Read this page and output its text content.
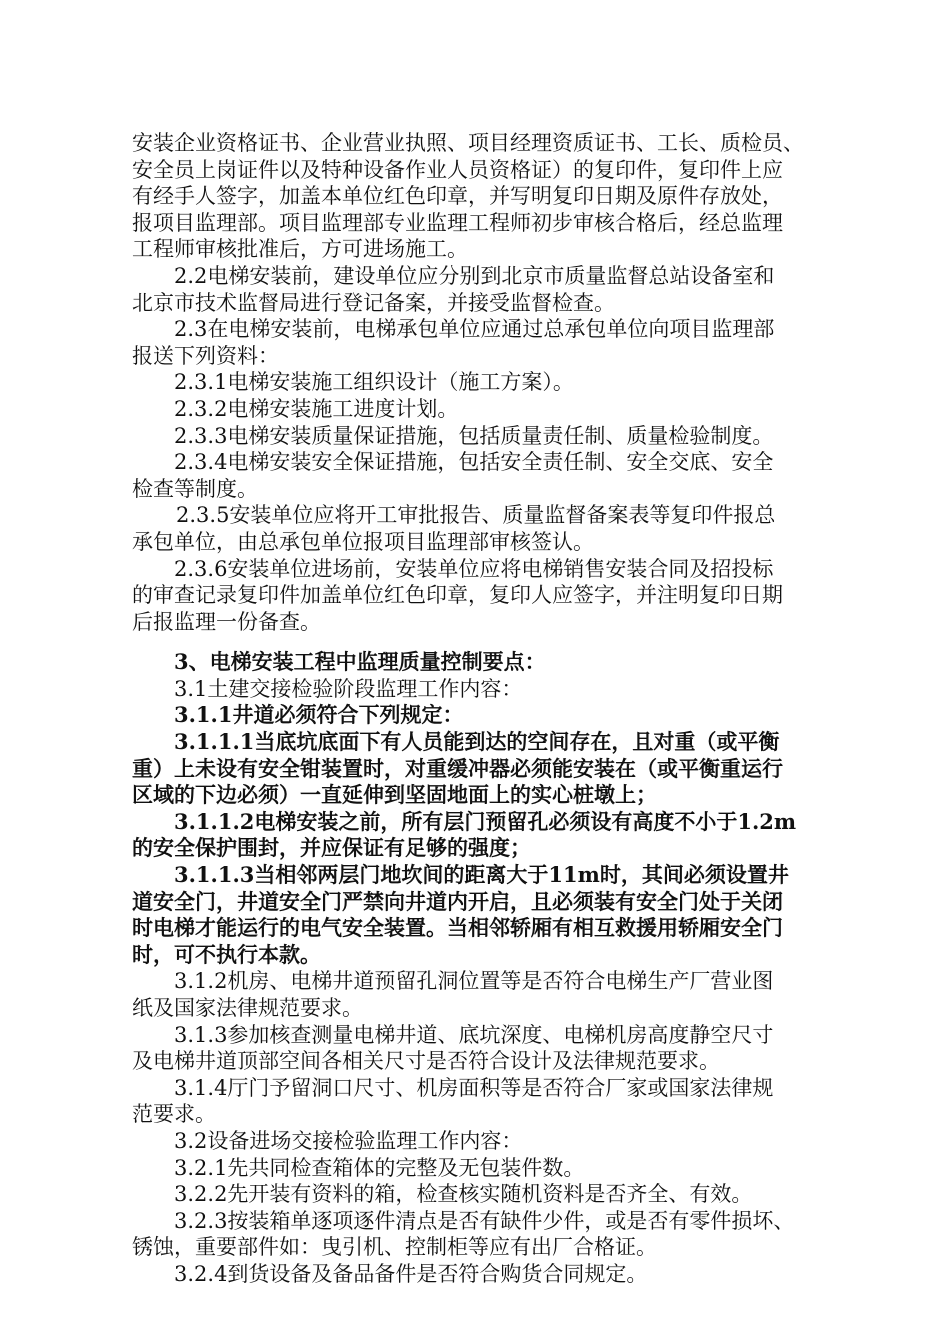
安装企业资格证书、企业营业执照、项目经理资质证书、工长、质检员、

安全员上岗证件以及特种设备作业人员资格证）的复印件，复印件上应

有经手人签字，加盖本单位红色印章，并写明复印日期及原件存放处，

报项目监理部。项目监理部专业监理工程师初步审核合格后，经总监理

工程师审核批准后，方可进场施工。

2.2电梯安装前，建设单位应分别到北京市质量监督总站设备室和

北京市技术监督局进行登记备案，并接受监督检查。

2.3在电梯安装前，电梯承包单位应通过总承包单位向项目监理部

报送下列资料：

2.3.1电梯安装施工组织设计（施工方案）。

2.3.2电梯安装施工进度计划。

2.3.3电梯安装质量保证措施，包括质量责任制、质量检验制度。

2.3.4电梯安装安全保证措施，包括安全责任制、安全交底、安全

检查等制度。

2.3.5安装单位应将开工审批报告、质量监督备案表等复印件报总

承包单位，由总承包单位报项目监理部审核签认。

2.3.6安装单位进场前，安装单位应将电梯销售安装合同及招投标

的审查记录复印件加盖单位红色印章，复印人应签字，并注明复印日期

后报监理一份备查。

3、电梯安装工程中监理质量控制要点：

3.1土建交接检验阶段监理工作内容：

3.1.1井道必须符合下列规定：

3.1.1.1当底坑底面下有人员能到达的空间存在，且对重（或平衡

重）上未设有安全钳装置时，对重缓冲器必须能安装在（或平衡重运行

区域的下边必须）一直延伸到坚固地面上的实心桩墩上；

3.1.1.2电梯安装之前，所有层门预留孔必须设有高度不小于1.2m

的安全保护围封，并应保证有足够的强度；

3.1.1.3当相邻两层门地坎间的距离大于11m时，其间必须设置井

道安全门，井道安全门严禁向井道内开启，且必须装有安全门处于关闭

时电梯才能运行的电气安全装置。当相邻轿厢有相互救援用轿厢安全门

时，可不执行本款。

3.1.2机房、电梯井道预留孔洞位置等是否符合电梯生产厂营业图

纸及国家法律规范要求。

3.1.3参加核查测量电梯井道、底坑深度、电梯机房高度静空尺寸

及电梯井道顶部空间各相关尺寸是否符合设计及法律规范要求。

3.1.4厅门予留洞口尺寸、机房面积等是否符合厂家或国家法律规

范要求。

3.2设备进场交接检验监理工作内容：

3.2.1先共同检查箱体的完整及无包装件数。

3.2.2先开装有资料的箱，检查核实随机资料是否齐全、有效。

3.2.3按装箱单逐项逐件清点是否有缺件少件，或是否有零件损坏、

锈蚀，重要部件如：曳引机、控制柜等应有出厂合格证。

3.2.4到货设备及备品备件是否符合购货合同规定。
